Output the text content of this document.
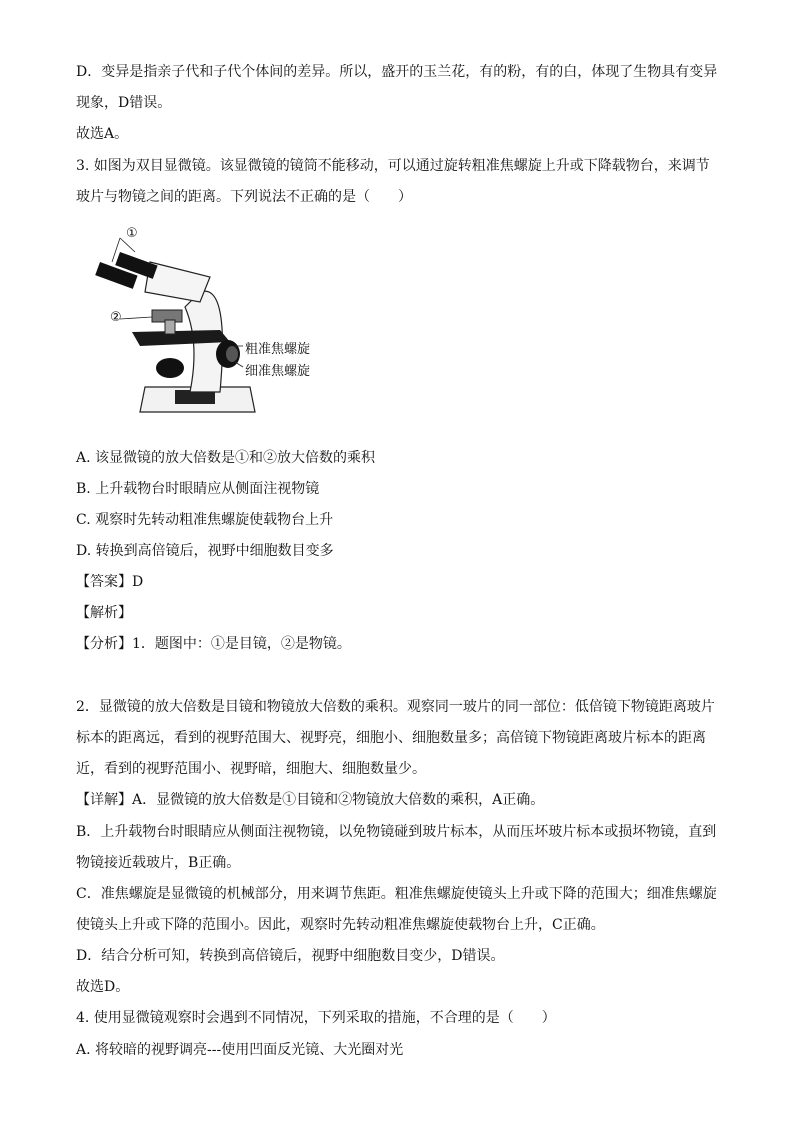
D．变异是指亲子代和子代个体间的差异。所以，盛开的玉兰花，有的粉，有的白，体现了生物具有变异
现象，D错误。
故选A。
3. 如图为双目显微镜。该显微镜的镜筒不能移动，可以通过旋转粗准焦螺旋上升或下降载物台，来调节
玻片与物镜之间的距离。下列说法不正确的是（　　）
①
②
粗准焦螺旋
细准焦螺旋
A. 该显微镜的放大倍数是①和②放大倍数的乘积
B. 上升载物台时眼睛应从侧面注视物镜
C. 观察时先转动粗准焦螺旋使载物台上升
D. 转换到高倍镜后，视野中细胞数目变多
【答案】D
【解析】
【分析】1．题图中：①是目镜，②是物镜。
2．显微镜的放大倍数是目镜和物镜放大倍数的乘积。观察同一玻片的同一部位：低倍镜下物镜距离玻片
标本的距离远，看到的视野范围大、视野亮，细胞小、细胞数量多；高倍镜下物镜距离玻片标本的距离
近，看到的视野范围小、视野暗，细胞大、细胞数量少。
【详解】A．显微镜的放大倍数是①目镜和②物镜放大倍数的乘积，A正确。
B．上升载物台时眼睛应从侧面注视物镜，以免物镜碰到玻片标本，从而压坏玻片标本或损坏物镜，直到
物镜接近载玻片，B正确。
C．准焦螺旋是显微镜的机械部分，用来调节焦距。粗准焦螺旋使镜头上升或下降的范围大；细准焦螺旋
使镜头上升或下降的范围小。因此，观察时先转动粗准焦螺旋使载物台上升，C正确。
D．结合分析可知，转换到高倍镜后，视野中细胞数目变少，D错误。
故选D。
4. 使用显微镜观察时会遇到不同情况，下列采取的措施，不合理的是（　　）
A. 将较暗的视野调亮---使用凹面反光镜、大光圈对光
